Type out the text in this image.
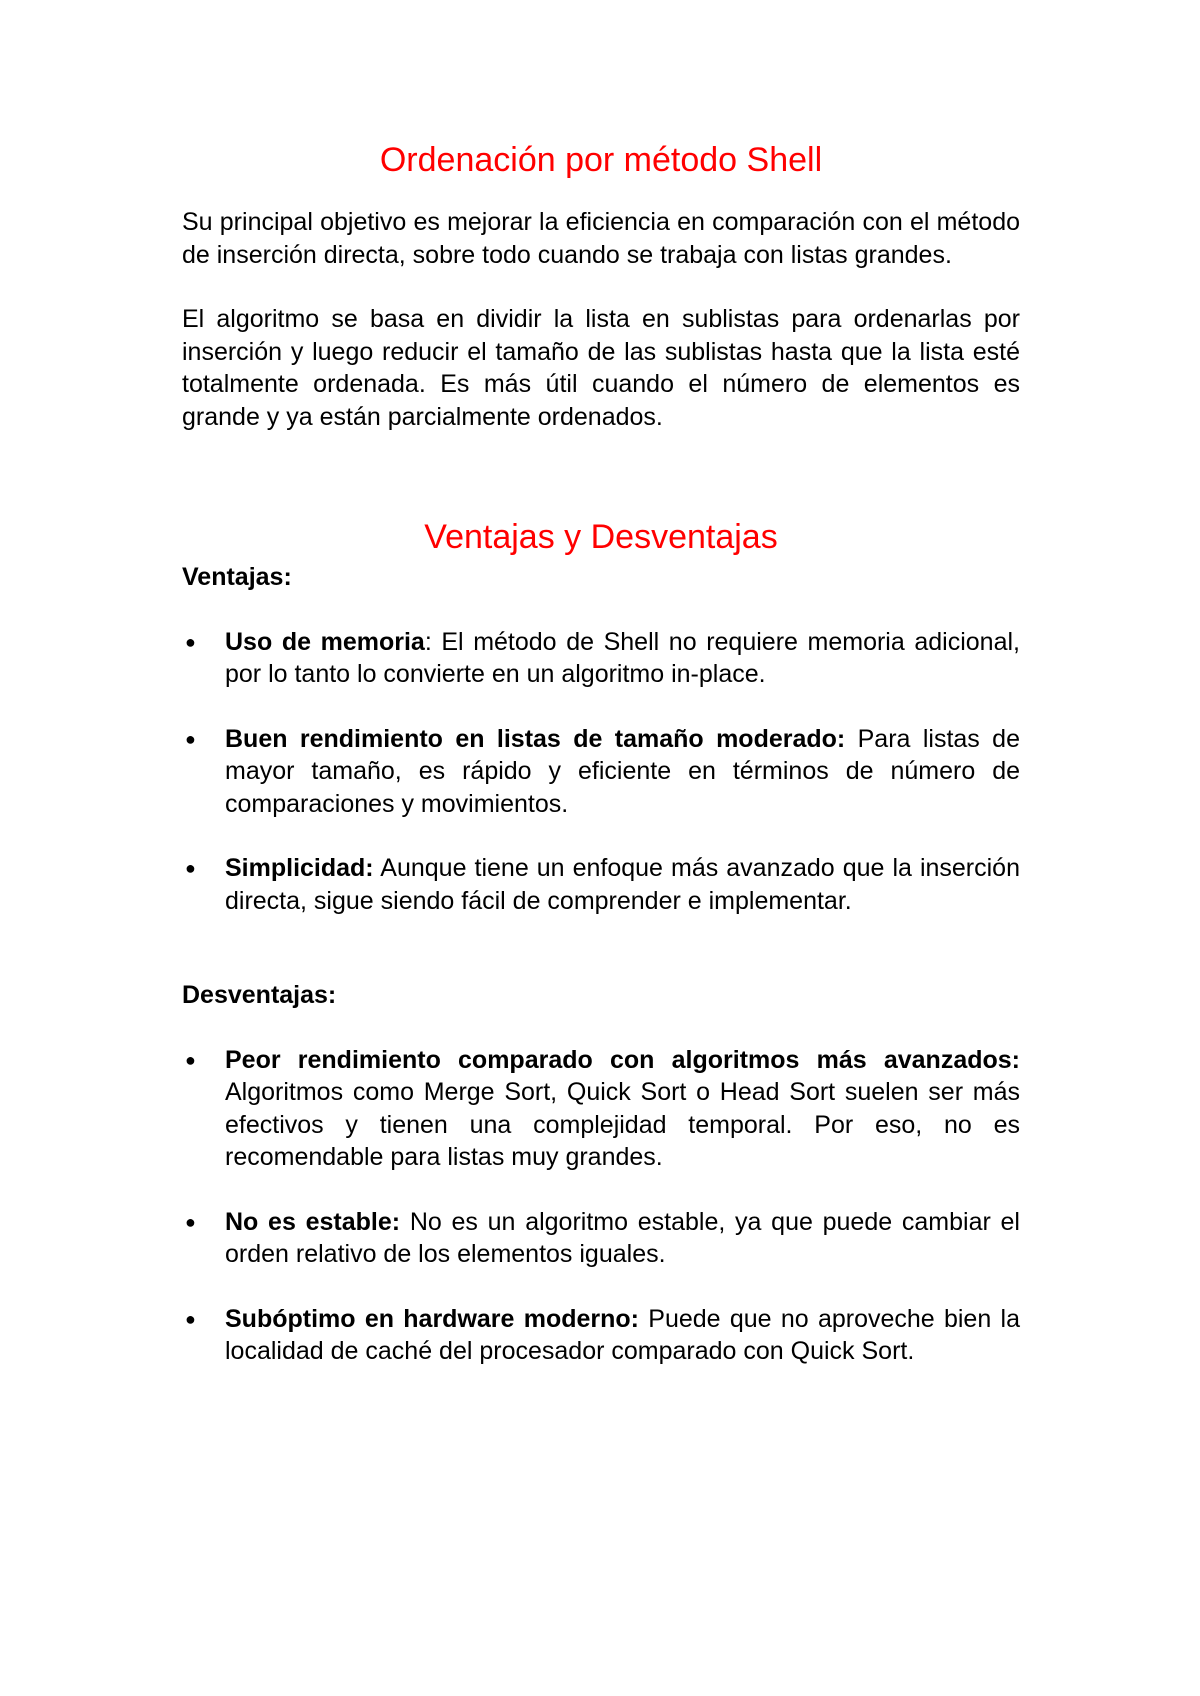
Ordenación por método Shell

Su principal objetivo es mejorar la eficiencia en comparación con el método de inserción directa, sobre todo cuando se trabaja con listas grandes.

El algoritmo se basa en dividir la lista en sublistas para ordenarlas por inserción y luego reducir el tamaño de las sublistas hasta que la lista esté totalmente ordenada. Es más útil cuando el número de elementos es grande y ya están parcialmente ordenados.

Ventajas y Desventajas
Ventajas:
● Uso de memoria: El método de Shell no requiere memoria adicional, por lo tanto lo convierte en un algoritmo in-place.
● Buen rendimiento en listas de tamaño moderado: Para listas de mayor tamaño, es rápido y eficiente en términos de número de comparaciones y movimientos.
● Simplicidad: Aunque tiene un enfoque más avanzado que la inserción directa, sigue siendo fácil de comprender e implementar.
Desventajas:
● Peor rendimiento comparado con algoritmos más avanzados: Algoritmos como Merge Sort, Quick Sort o Head Sort suelen ser más efectivos y tienen una complejidad temporal. Por eso, no es recomendable para listas muy grandes.
● No es estable: No es un algoritmo estable, ya que puede cambiar el orden relativo de los elementos iguales.
● Subóptimo en hardware moderno: Puede que no aproveche bien la localidad de caché del procesador comparado con Quick Sort.
